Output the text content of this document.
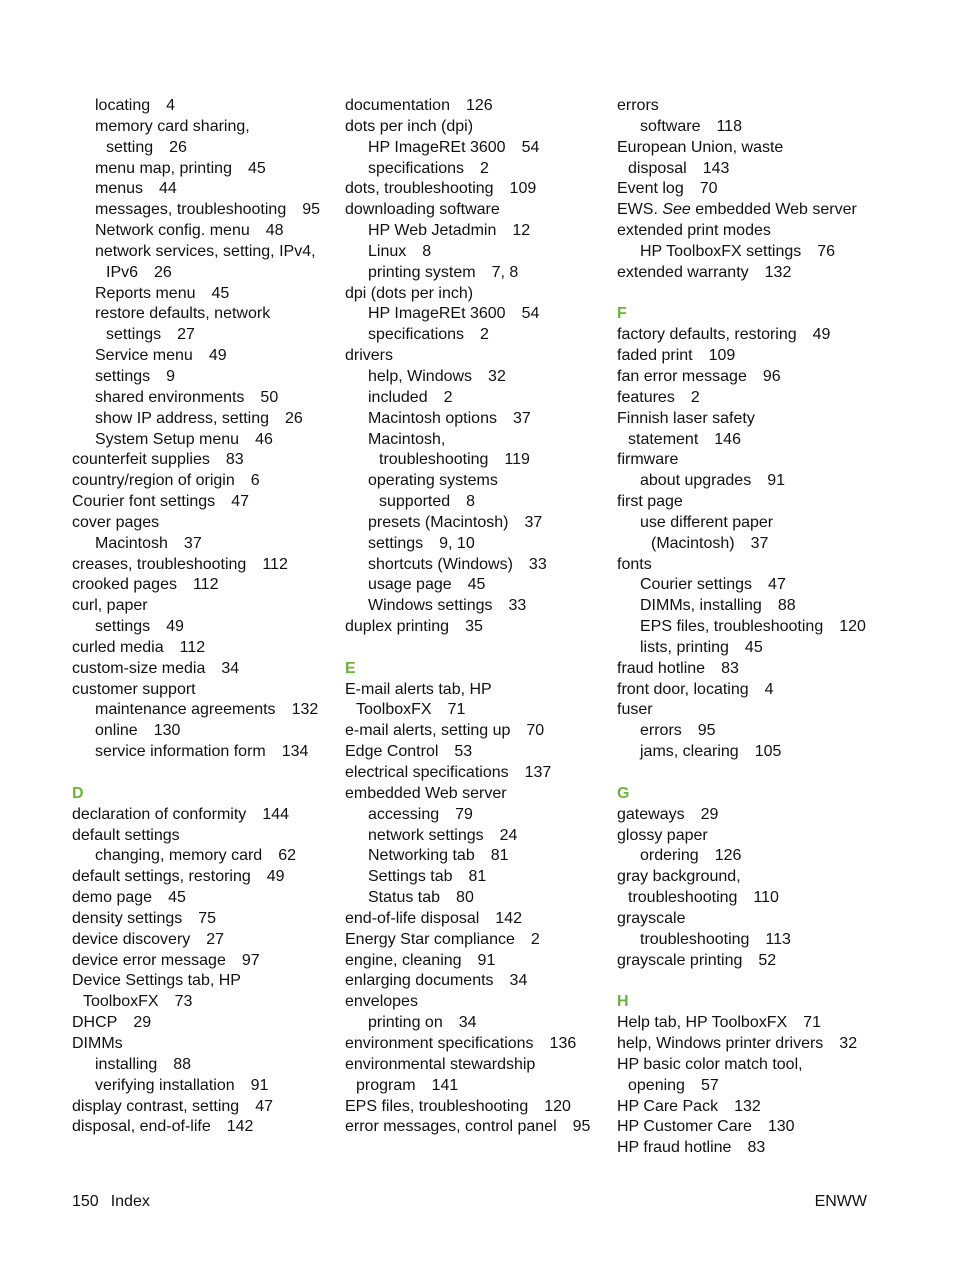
locating 4
memory card sharing,
setting 26
menu map, printing 45
menus 44
messages, troubleshooting 95
Network config. menu 48
network services, setting, IPv4,
IPv6 26
Reports menu 45
restore defaults, network
settings 27
Service menu 49
settings 9
shared environments 50
show IP address, setting 26
System Setup menu 46
counterfeit supplies 83
country/region of origin 6
Courier font settings 47
cover pages
Macintosh 37
creases, troubleshooting 112
crooked pages 112
curl, paper
settings 49
curled media 112
custom-size media 34
customer support
maintenance agreements 132
online 130
service information form 134
D
declaration of conformity 144
default settings
changing, memory card 62
default settings, restoring 49
demo page 45
density settings 75
device discovery 27
device error message 97
Device Settings tab, HP
ToolboxFX 73
DHCP 29
DIMMs
installing 88
verifying installation 91
display contrast, setting 47
disposal, end-of-life 142
documentation 126
dots per inch (dpi)
HP ImageREt 3600 54
specifications 2
dots, troubleshooting 109
downloading software
HP Web Jetadmin 12
Linux 8
printing system 7, 8
dpi (dots per inch)
HP ImageREt 3600 54
specifications 2
drivers
help, Windows 32
included 2
Macintosh options 37
Macintosh,
troubleshooting 119
operating systems
supported 8
presets (Macintosh) 37
settings 9, 10
shortcuts (Windows) 33
usage page 45
Windows settings 33
duplex printing 35
E
E-mail alerts tab, HP
ToolboxFX 71
e-mail alerts, setting up 70
Edge Control 53
electrical specifications 137
embedded Web server
accessing 79
network settings 24
Networking tab 81
Settings tab 81
Status tab 80
end-of-life disposal 142
Energy Star compliance 2
engine, cleaning 91
enlarging documents 34
envelopes
printing on 34
environment specifications 136
environmental stewardship
program 141
EPS files, troubleshooting 120
error messages, control panel 95
errors
software 118
European Union, waste
disposal 143
Event log 70
EWS. See embedded Web server
extended print modes
HP ToolboxFX settings 76
extended warranty 132
F
factory defaults, restoring 49
faded print 109
fan error message 96
features 2
Finnish laser safety
statement 146
firmware
about upgrades 91
first page
use different paper
(Macintosh) 37
fonts
Courier settings 47
DIMMs, installing 88
EPS files, troubleshooting 120
lists, printing 45
fraud hotline 83
front door, locating 4
fuser
errors 95
jams, clearing 105
G
gateways 29
glossy paper
ordering 126
gray background,
troubleshooting 110
grayscale
troubleshooting 113
grayscale printing 52
H
Help tab, HP ToolboxFX 71
help, Windows printer drivers 32
HP basic color match tool,
opening 57
HP Care Pack 132
HP Customer Care 130
HP fraud hotline 83
150 Index	ENWW
